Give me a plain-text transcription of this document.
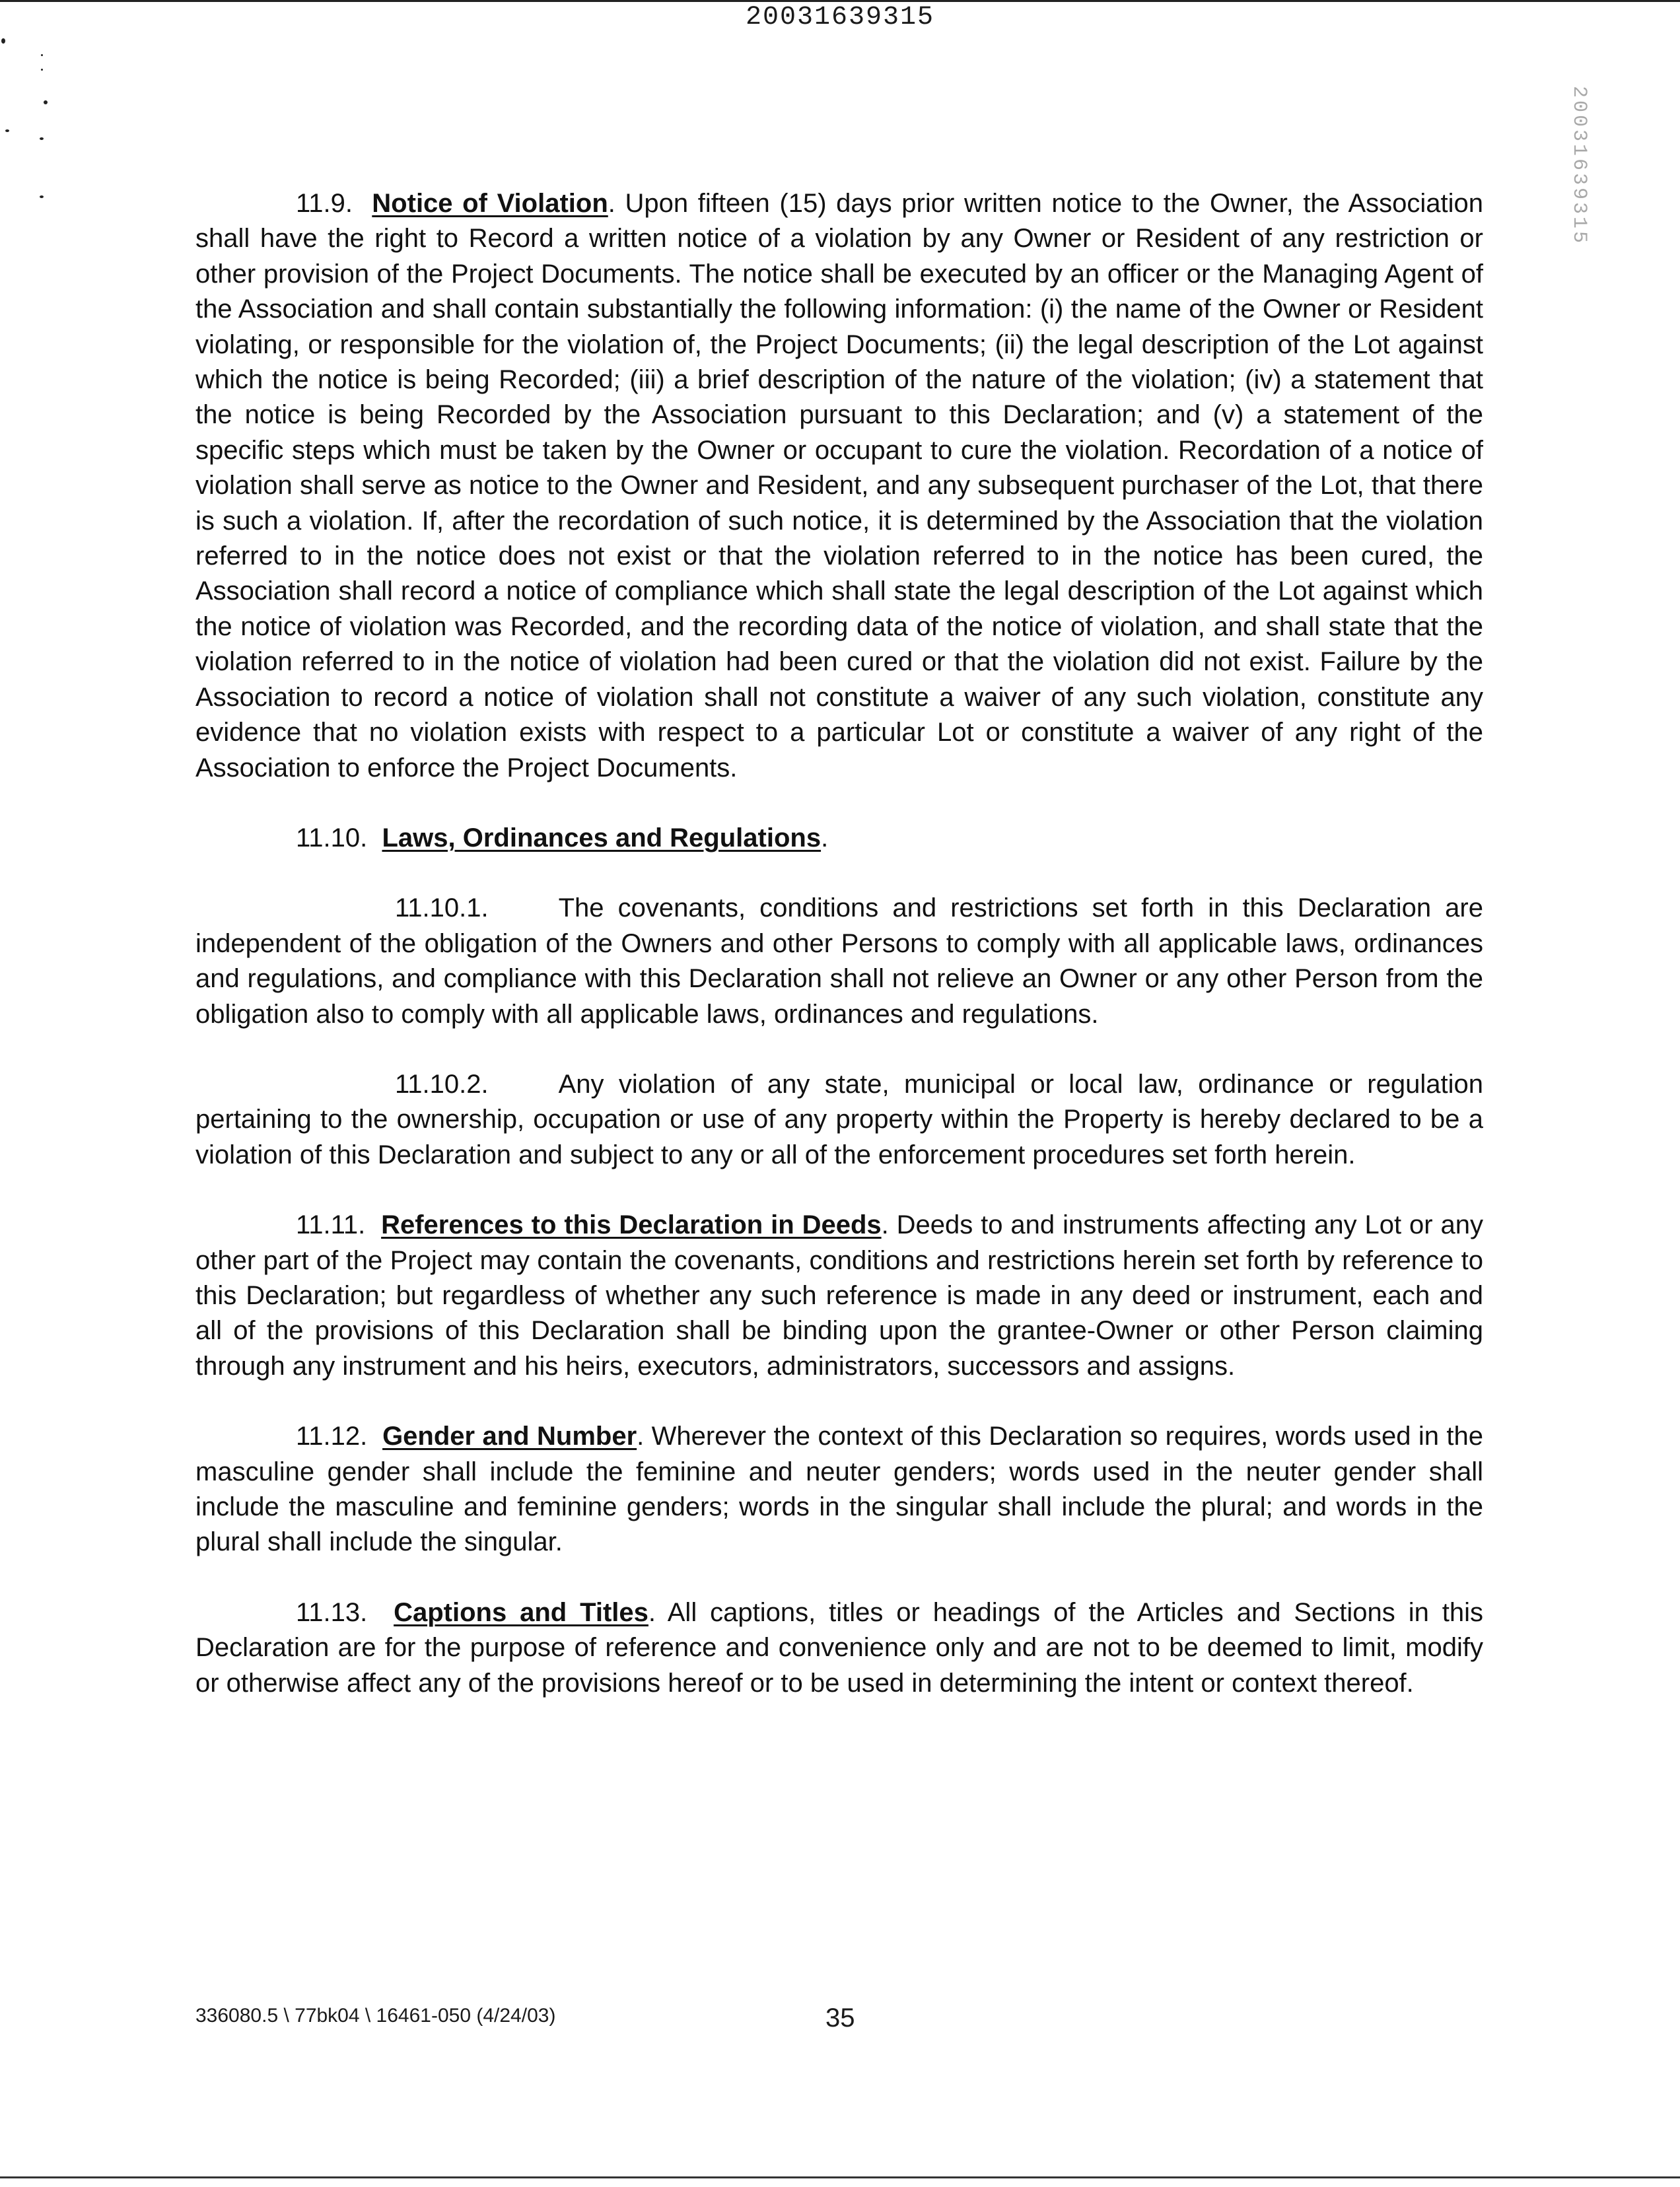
20031639315
20031639315

11.9. Notice of Violation. Upon fifteen (15) days prior written notice to the Owner, the Association shall have the right to Record a written notice of a violation by any Owner or Resident of any restriction or other provision of the Project Documents. The notice shall be executed by an officer or the Managing Agent of the Association and shall contain substantially the following information: (i) the name of the Owner or Resident violating, or responsible for the violation of, the Project Documents; (ii) the legal description of the Lot against which the notice is being Recorded; (iii) a brief description of the nature of the violation; (iv) a statement that the notice is being Recorded by the Association pursuant to this Declaration; and (v) a statement of the specific steps which must be taken by the Owner or occupant to cure the violation. Recordation of a notice of violation shall serve as notice to the Owner and Resident, and any subsequent purchaser of the Lot, that there is such a violation. If, after the recordation of such notice, it is determined by the Association that the violation referred to in the notice does not exist or that the violation referred to in the notice has been cured, the Association shall record a notice of compliance which shall state the legal description of the Lot against which the notice of violation was Recorded, and the recording data of the notice of violation, and shall state that the violation referred to in the notice of violation had been cured or that the violation did not exist. Failure by the Association to record a notice of violation shall not constitute a waiver of any such violation, constitute any evidence that no violation exists with respect to a particular Lot or constitute a waiver of any right of the Association to enforce the Project Documents.

11.10. Laws, Ordinances and Regulations.

11.10.1.	The covenants, conditions and restrictions set forth in this Declaration are independent of the obligation of the Owners and other Persons to comply with all applicable laws, ordinances and regulations, and compliance with this Declaration shall not relieve an Owner or any other Person from the obligation also to comply with all applicable laws, ordinances and regulations.

11.10.2.	Any violation of any state, municipal or local law, ordinance or regulation pertaining to the ownership, occupation or use of any property within the Property is hereby declared to be a violation of this Declaration and subject to any or all of the enforcement procedures set forth herein.

11.11. References to this Declaration in Deeds. Deeds to and instruments affecting any Lot or any other part of the Project may contain the covenants, conditions and restrictions herein set forth by reference to this Declaration; but regardless of whether any such reference is made in any deed or instrument, each and all of the provisions of this Declaration shall be binding upon the grantee-Owner or other Person claiming through any instrument and his heirs, executors, administrators, successors and assigns.

11.12. Gender and Number. Wherever the context of this Declaration so requires, words used in the masculine gender shall include the feminine and neuter genders; words used in the neuter gender shall include the masculine and feminine genders; words in the singular shall include the plural; and words in the plural shall include the singular.

11.13. Captions and Titles. All captions, titles or headings of the Articles and Sections in this Declaration are for the purpose of reference and convenience only and are not to be deemed to limit, modify or otherwise affect any of the provisions hereof or to be used in determining the intent or context thereof.

336080.5 \ 77bk04 \ 16461-050 (4/24/03)	35
